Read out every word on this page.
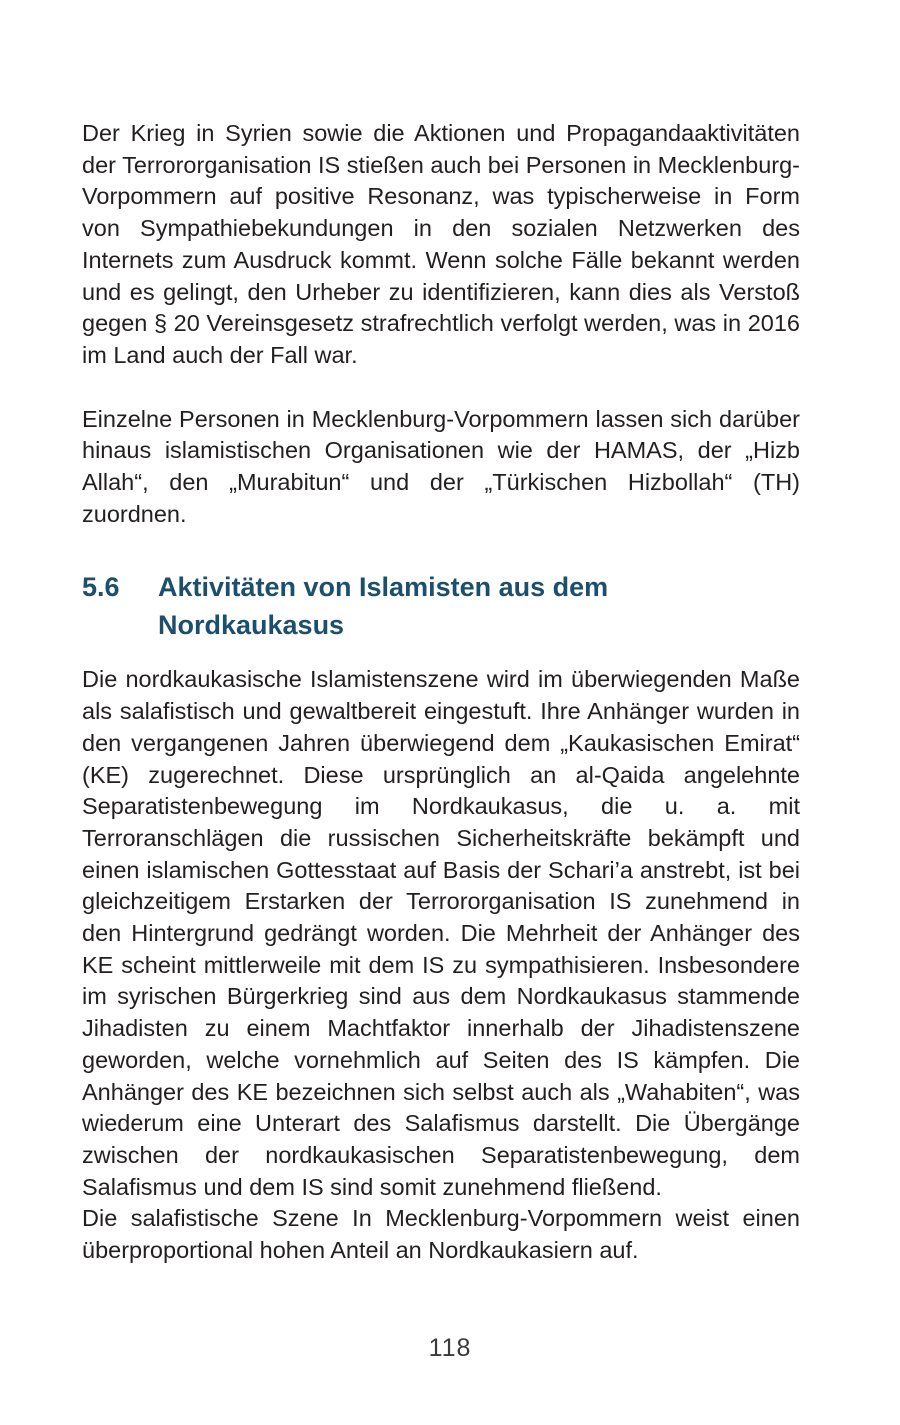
Der Krieg in Syrien sowie die Aktionen und Propagandaaktivitäten der Terrororganisation IS stießen auch bei Personen in Mecklenburg-Vorpommern auf positive Resonanz, was typischerweise in Form von Sympathiebekundungen in den sozialen Netzwerken des Internets zum Ausdruck kommt. Wenn solche Fälle bekannt werden und es gelingt, den Urheber zu identifizieren, kann dies als Verstoß gegen § 20 Vereinsgesetz strafrechtlich verfolgt werden, was in 2016 im Land auch der Fall war.

Einzelne Personen in Mecklenburg-Vorpommern lassen sich darüber hinaus islamistischen Organisationen wie der HAMAS, der „Hizb Allah“, den „Murabitun“ und der „Türkischen Hizbollah“ (TH) zuordnen.

5.6	Aktivitäten von Islamisten aus dem Nordkaukasus

Die nordkaukasische Islamistenszene wird im überwiegenden Maße als salafistisch und gewaltbereit eingestuft. Ihre Anhänger wurden in den vergangenen Jahren überwiegend dem „Kaukasischen Emirat“ (KE) zugerechnet. Diese ursprünglich an al-Qaida angelehnte Separatistenbewegung im Nordkaukasus, die u. a. mit Terroranschlägen die russischen Sicherheitskräfte bekämpft und einen islamischen Gottesstaat auf Basis der Schari’a anstrebt, ist bei gleichzeitigem Erstarken der Terrororganisation IS zunehmend in den Hintergrund gedrängt worden. Die Mehrheit der Anhänger des KE scheint mittlerweile mit dem IS zu sympathisieren. Insbesondere im syrischen Bürgerkrieg sind aus dem Nordkaukasus stammende Jihadisten zu einem Machtfaktor innerhalb der Jihadistenszene geworden, welche vornehmlich auf Seiten des IS kämpfen. Die Anhänger des KE bezeichnen sich selbst auch als „Wahabiten“, was wiederum eine Unterart des Salafismus darstellt. Die Übergänge zwischen der nordkaukasischen Separatistenbewegung, dem Salafismus und dem IS sind somit zunehmend fließend.

Die salafistische Szene In Mecklenburg-Vorpommern weist einen überproportional hohen Anteil an Nordkaukasiern auf.

118
